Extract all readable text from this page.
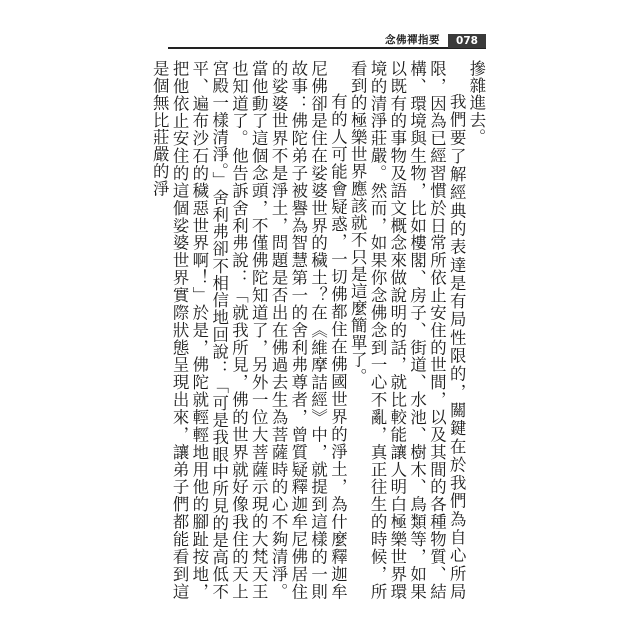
念佛禪指要	078

摻雜進去。

我們要了解經典的表達是有局性限的，關鍵在於我們為自心所局限，因為已經習慣於日常所依止安住的世間，以及其間的各種物質、結構、環境與生物，比如樓閣、房子、街道、水池、樹木、鳥類等，如果以既有的事物及語文概念來做說明的話，就比較能讓人明白極樂世界環境的清淨莊嚴。然而，如果你念佛念到一心不亂，真正往生的時候，所看到的極樂世界應該就不只是這麼簡單了。

有的人可能會疑惑，一切佛都住在佛國世界的淨土，為什麼釋迦牟尼佛卻是住在娑婆世界的穢土？在《維摩詰經》中，就提到這樣的一則故事：佛陀弟子被譽為智慧第一的舍利弗尊者，曾質疑釋迦牟尼佛居住的娑婆世界不是淨土，問題是否出在佛過去生為菩薩時的心不夠清淨。當他動了這個念頭，不僅佛陀知道了，另外一位大菩薩示現的大梵天王也知道了。他告訴舍利弗說：「就我所見，佛的世界就好像我住的天上宮殿一樣清淨。」舍利弗卻不相信地回說：「可是我眼中所見的是高低不平、遍布沙石的穢惡世界啊！」於是，佛陀就輕輕地用他的腳趾按地，把他依止安住的這個娑婆世界實際狀態呈現出來，讓弟子們都能看到這是個無比莊嚴的淨
